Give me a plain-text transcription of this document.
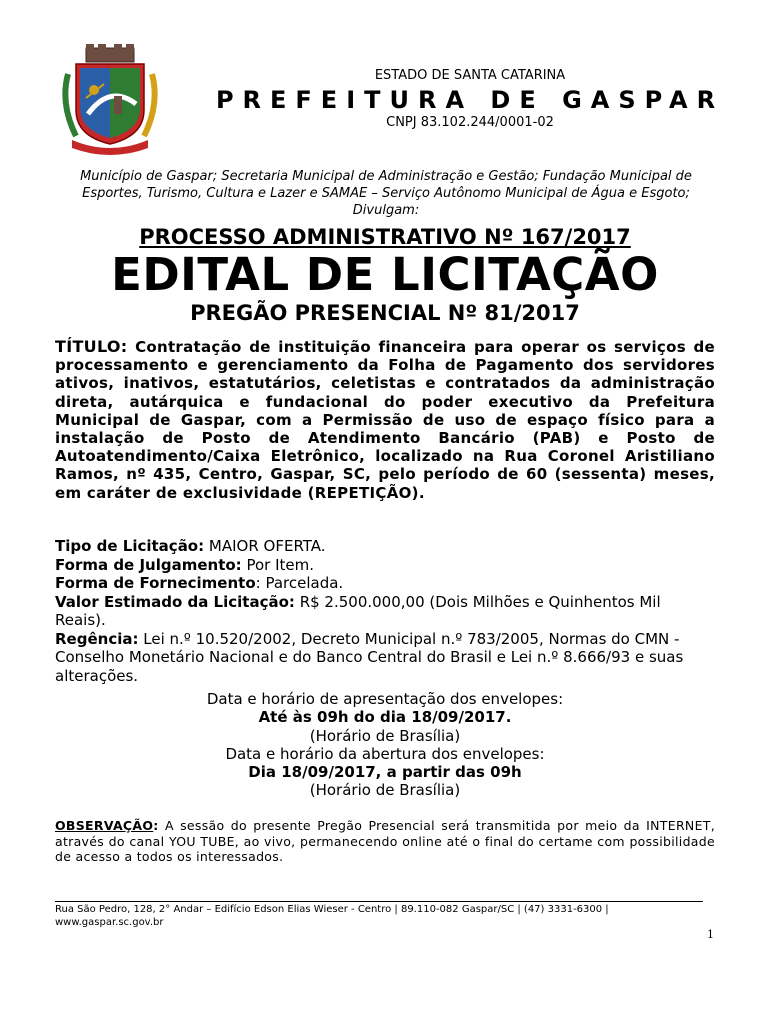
ESTADO DE SANTA CATARINA
PREFEITURA DE GASPAR
CNPJ 83.102.244/0001-02
Município de Gaspar; Secretaria Municipal de Administração e Gestão; Fundação Municipal de Esportes, Turismo, Cultura e Lazer e SAMAE – Serviço Autônomo Municipal de Água e Esgoto; Divulgam:
PROCESSO ADMINISTRATIVO Nº 167/2017
EDITAL DE LICITAÇÃO
PREGÃO PRESENCIAL Nº 81/2017
TÍTULO: Contratação de instituição financeira para operar os serviços de processamento e gerenciamento da Folha de Pagamento dos servidores ativos, inativos, estatutários, celetistas e contratados da administração direta, autárquica e fundacional do poder executivo da Prefeitura Municipal de Gaspar, com a Permissão de uso de espaço físico para a instalação de Posto de Atendimento Bancário (PAB) e Posto de Autoatendimento/Caixa Eletrônico, localizado na Rua Coronel Aristiliano Ramos, nº 435, Centro, Gaspar, SC, pelo período de 60 (sessenta) meses, em caráter de exclusividade (REPETIÇÃO).

Tipo de Licitação: MAIOR OFERTA.

Forma de Julgamento: Por Item.

Forma de Fornecimento: Parcelada.

Valor Estimado da Licitação: R$ 2.500.000,00 (Dois Milhões e Quinhentos Mil Reais).

Regência: Lei n.º 10.520/2002, Decreto Municipal n.º 783/2005, Normas do CMN - Conselho Monetário Nacional e do Banco Central do Brasil e Lei n.º 8.666/93 e suas alterações.

Data e horário de apresentação dos envelopes:

Até às 09h do dia 18/09/2017.

(Horário de Brasília)

Data e horário da abertura dos envelopes:

Dia 18/09/2017, a partir das 09h

(Horário de Brasília)

OBSERVAÇÃO: A sessão do presente Pregão Presencial será transmitida por meio da INTERNET, através do canal YOU TUBE, ao vivo, permanecendo online até o final do certame com possibilidade de acesso a todos os interessados.
Rua São Pedro, 128, 2° Andar – Edifício Edson Elias Wieser - Centro | 89.110-082 Gaspar/SC | (47) 3331-6300 |
www.gaspar.sc.gov.br
1
